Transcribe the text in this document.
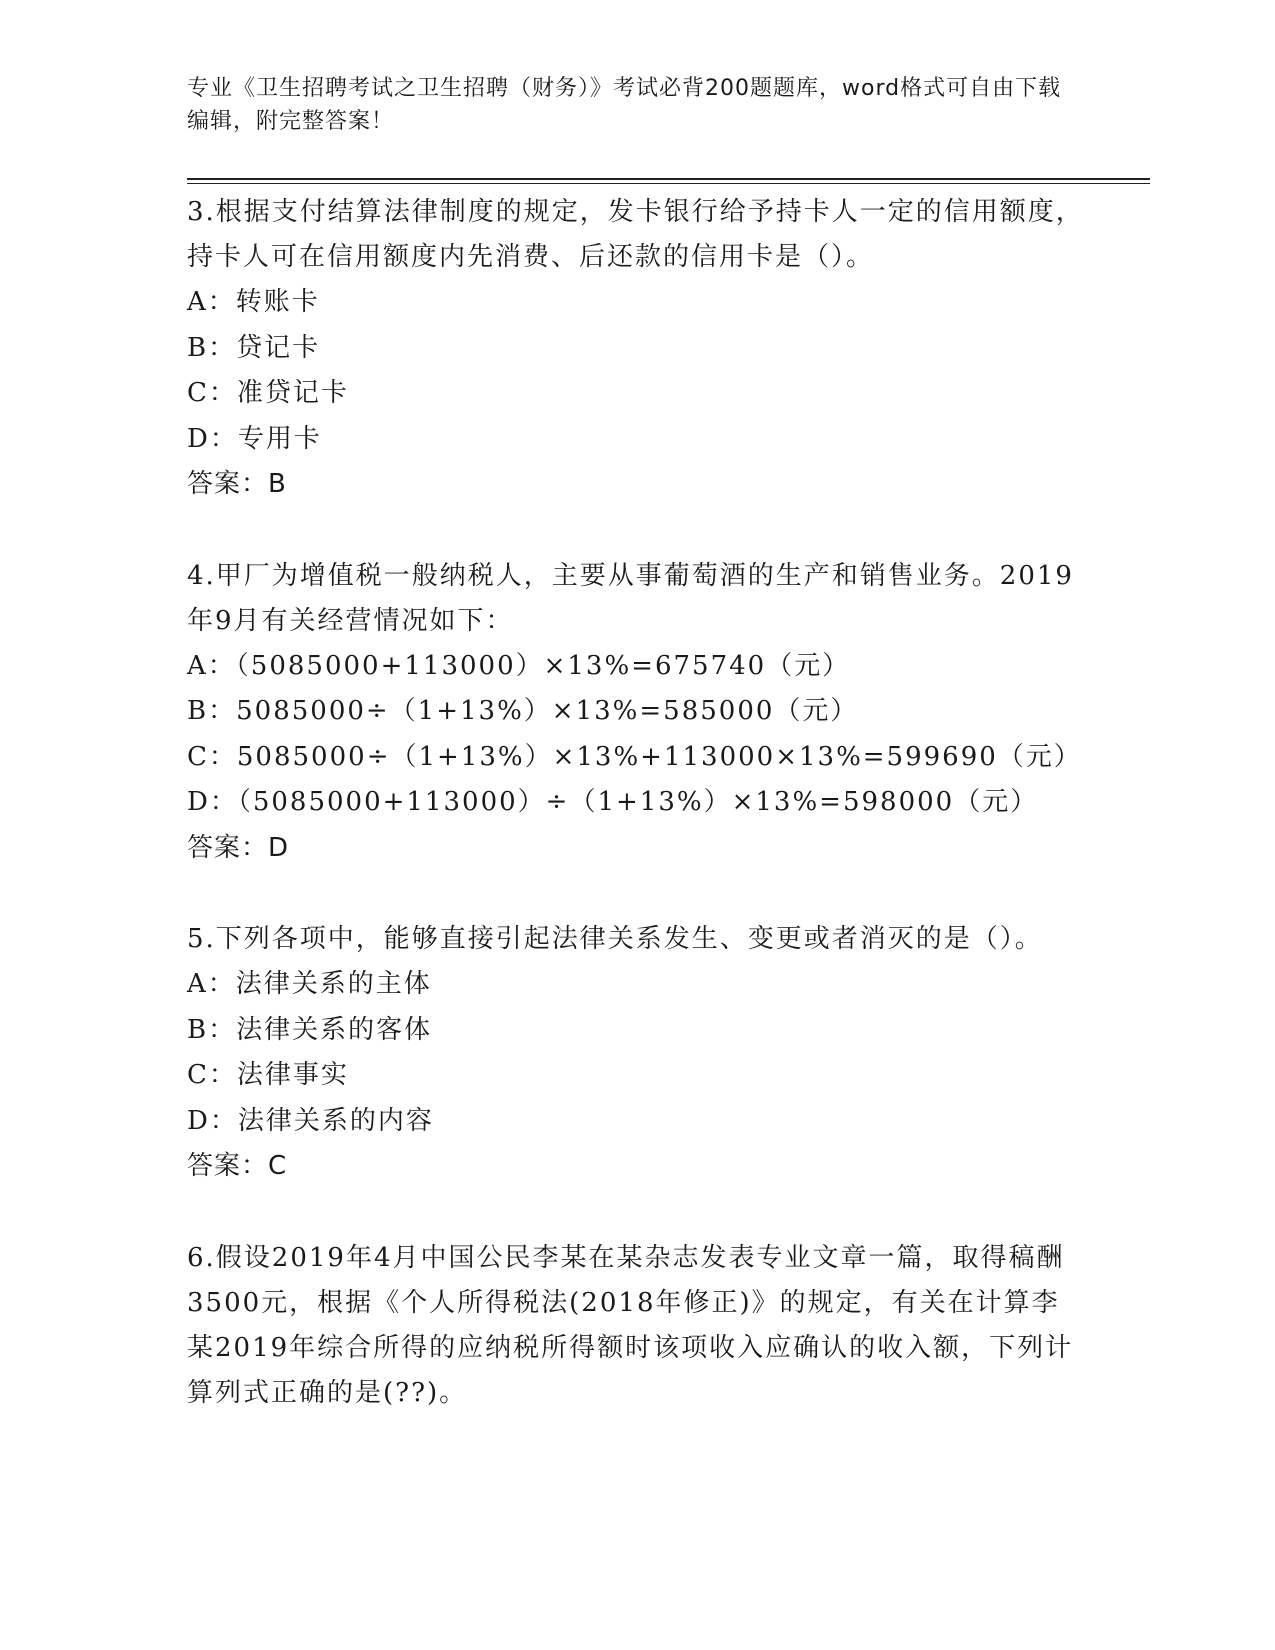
专业《卫生招聘考试之卫生招聘（财务）》考试必背200题题库，word格式可自由下载编辑，附完整答案！
3.根据支付结算法律制度的规定，发卡银行给予持卡人一定的信用额度，持卡人可在信用额度内先消费、后还款的信用卡是（）。
A：转账卡
B：贷记卡
C：准贷记卡
D：专用卡
答案：B
4.甲厂为增值税一般纳税人，主要从事葡萄酒的生产和销售业务。2019年9月有关经营情况如下：
A：（5085000+113000）×13%=675740（元）
B：5085000÷（1+13%）×13%=585000（元）
C：5085000÷（1+13%）×13%+113000×13%=599690（元）
D：（5085000+113000）÷（1+13%）×13%=598000（元）
答案：D
5.下列各项中，能够直接引起法律关系发生、变更或者消灭的是（）。
A：法律关系的主体
B：法律关系的客体
C：法律事实
D：法律关系的内容
答案：C
6.假设2019年4月中国公民李某在某杂志发表专业文章一篇，取得稿酬3500元，根据《个人所得税法(2018年修正)》的规定，有关在计算李某2019年综合所得的应纳税所得额时该项收入应确认的收入额，下列计算列式正确的是(??)。
